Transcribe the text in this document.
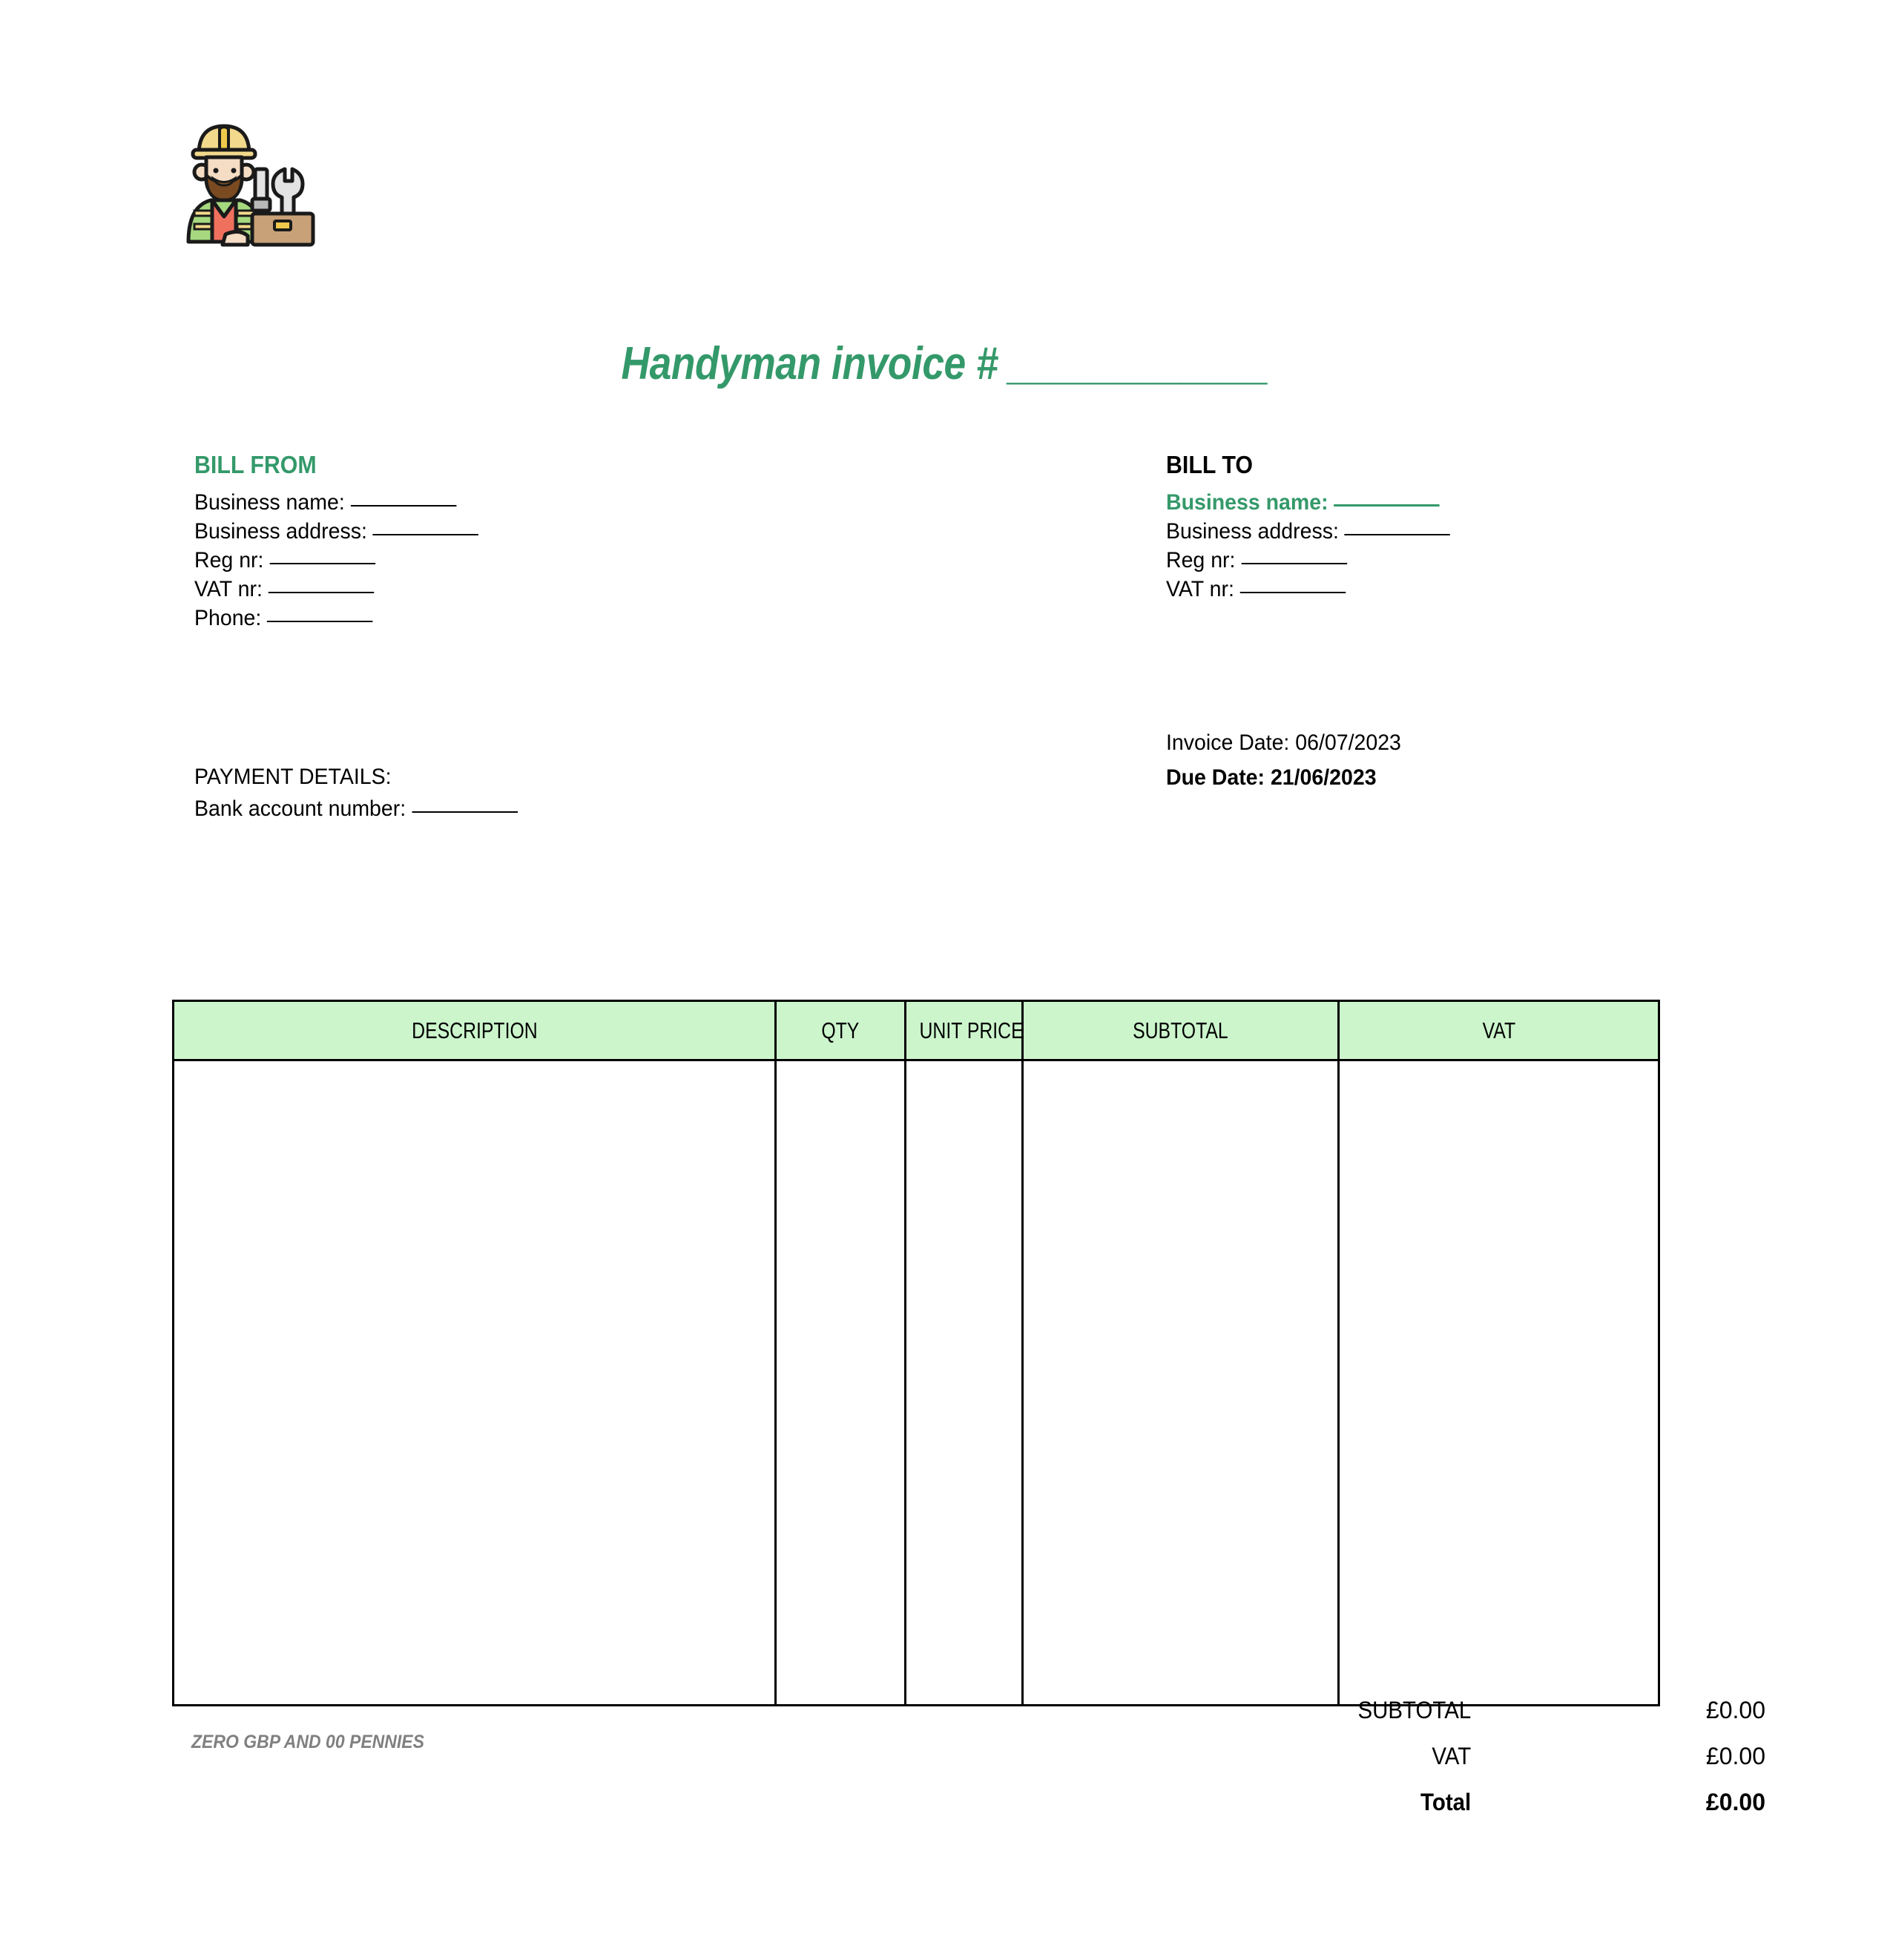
Handyman invoice # ____________
BILL FROM
Business name:
Business address:
Reg nr:
VAT nr:
Phone:
BILL TO
Business name:
Business address:
Reg nr:
VAT nr:
Invoice Date: 06/07/2023
Due Date: 21/06/2023
PAYMENT DETAILS:
Bank account number:
DESCRIPTION	QTY	UNIT PRICE	SUBTOTAL	VAT

ZERO GBP AND 00 PENNIES
SUBTOTAL	£0.00
VAT	£0.00
Total	£0.00
